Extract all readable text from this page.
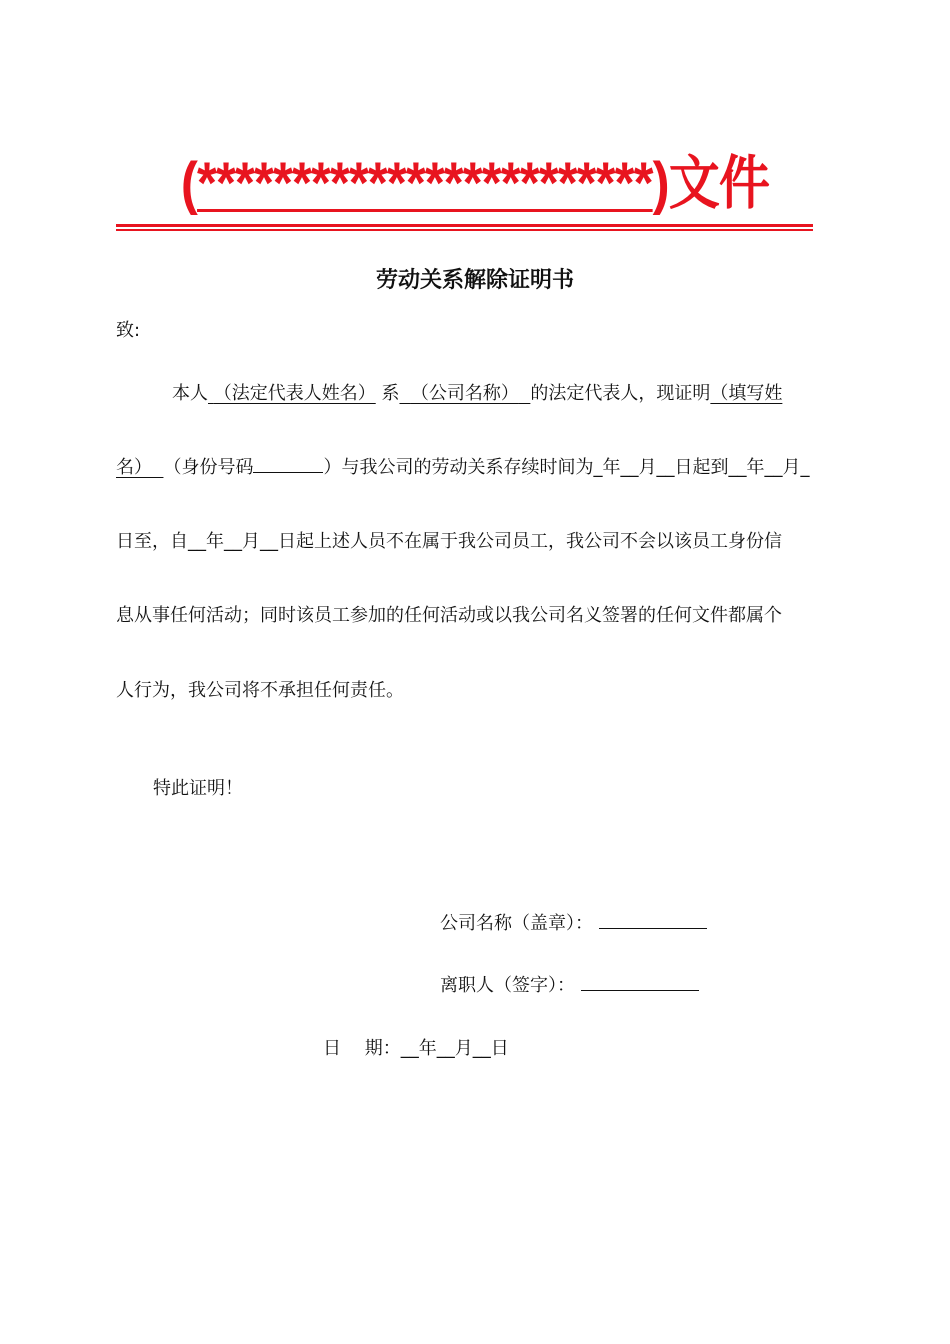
(************************)文件
劳动关系解除证明书
致:
本人 （法定代表人姓名） 系 （公司名称） 的法定代表人，现证明（填写姓
名） （身份号码	）与我公司的劳动关系存续时间为_年__月__日起到__年__月_
日至，自__年__月__日起上述人员不在属于我公司员工，我公司不会以该员工身份信
息从事任何活动；同时该员工参加的任何活动或以我公司名义签署的任何文件都属个
人行为，我公司将不承担任何责任。
特此证明！
公司名称（盖章）：
离职人（签字）：
日　 期：__年__月__日
